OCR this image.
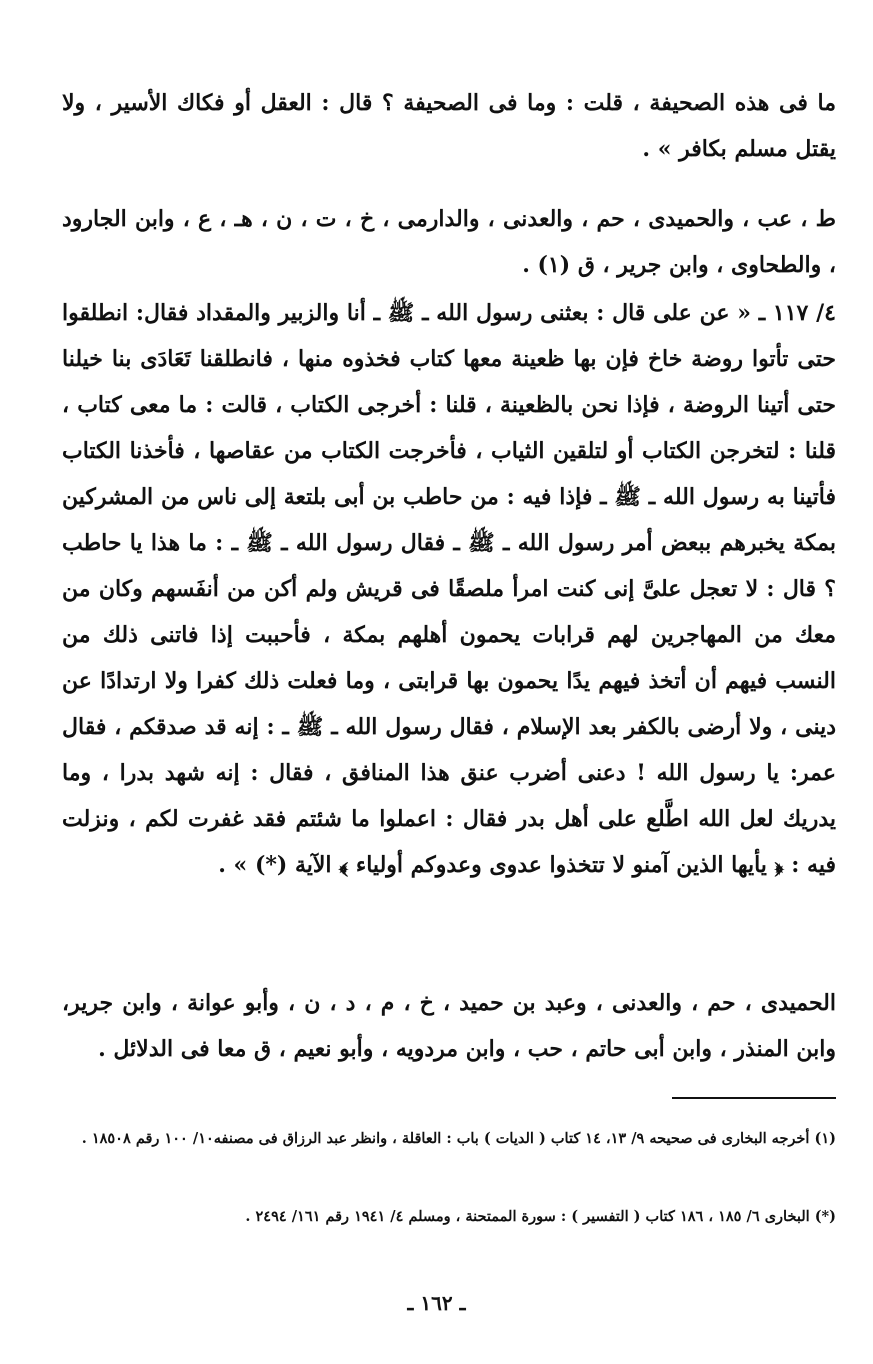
ما فى هذه الصحيفة ، قلت : وما فى الصحيفة ؟ قال : العقل أو فكاك الأسير ، ولا يقتل مسلم بكافر » .

ط ، عب ، والحميدى ، حم ، والعدنى ، والدارمى ، خ ، ت ، ن ، هـ ، ع ، وابن الجارود ، والطحاوى ، وابن جرير ، ق (١) .

٤/ ١١٧ ـ « عن على قال : بعثنى رسول الله ـ ﷺ ـ أنا والزبير والمقداد فقال: انطلقوا حتى تأتوا روضة خاخ فإن بها ظعينة معها كتاب فخذوه منها ، فانطلقنا تَعَادَى بنا خيلنا حتى أتينا الروضة ، فإذا نحن بالظعينة ، قلنا : أخرجى الكتاب ، قالت : ما معى كتاب ، قلنا : لتخرجن الكتاب أو لتلقين الثياب ، فأخرجت الكتاب من عقاصها ، فأخذنا الكتاب فأتينا به رسول الله ـ ﷺ ـ فإذا فيه : من حاطب بن أبى بلتعة إلى ناس من المشركين بمكة يخبرهم ببعض أمر رسول الله ـ ﷺ ـ فقال رسول الله ـ ﷺ ـ : ما هذا يا حاطب ؟ قال : لا تعجل علىَّ إنى كنت امرأ ملصقًا فى قريش ولم أكن من أنفَسهم وكان من معك من المهاجرين لهم قرابات يحمون أهلهم بمكة ، فأحببت إذا فاتنى ذلك من النسب فيهم أن أتخذ فيهم يدًا يحمون بها قرابتى ، وما فعلت ذلك كفرا ولا ارتدادًا عن دينى ، ولا أرضى بالكفر بعد الإسلام ، فقال رسول الله ـ ﷺ ـ : إنه قد صدقكم ، فقال عمر: يا رسول الله ! دعنى أضرب عنق هذا المنافق ، فقال : إنه شهد بدرا ، وما يدريك لعل الله اطَّلع على أهل بدر فقال : اعملوا ما شئتم فقد غفرت لكم ، ونزلت فيه : ﴿ يأيها الذين آمنو لا تتخذوا عدوى وعدوكم أولياء ﴾ الآية (*) » .

الحميدى ، حم ، والعدنى ، وعبد بن حميد ، خ ، م ، د ، ن ، وأبو عوانة ، وابن جرير، وابن المنذر ، وابن أبى حاتم ، حب ، وابن مردويه ، وأبو نعيم ، ق معا فى الدلائل .

(١) أخرجه البخارى فى صحيحه ٩/ ١٣، ١٤ كتاب ( الديات ) باب : العاقلة ، وانظر عبد الرزاق فى مصنفه١٠/ ١٠٠ رقم ١٨٥٠٨ .

(*) البخارى ٦/ ١٨٥ ، ١٨٦ كتاب ( التفسير ) : سورة الممتحنة ، ومسلم ٤/ ١٩٤١ رقم ١٦١/ ٢٤٩٤ .

ـ ١٦٢ ـ
